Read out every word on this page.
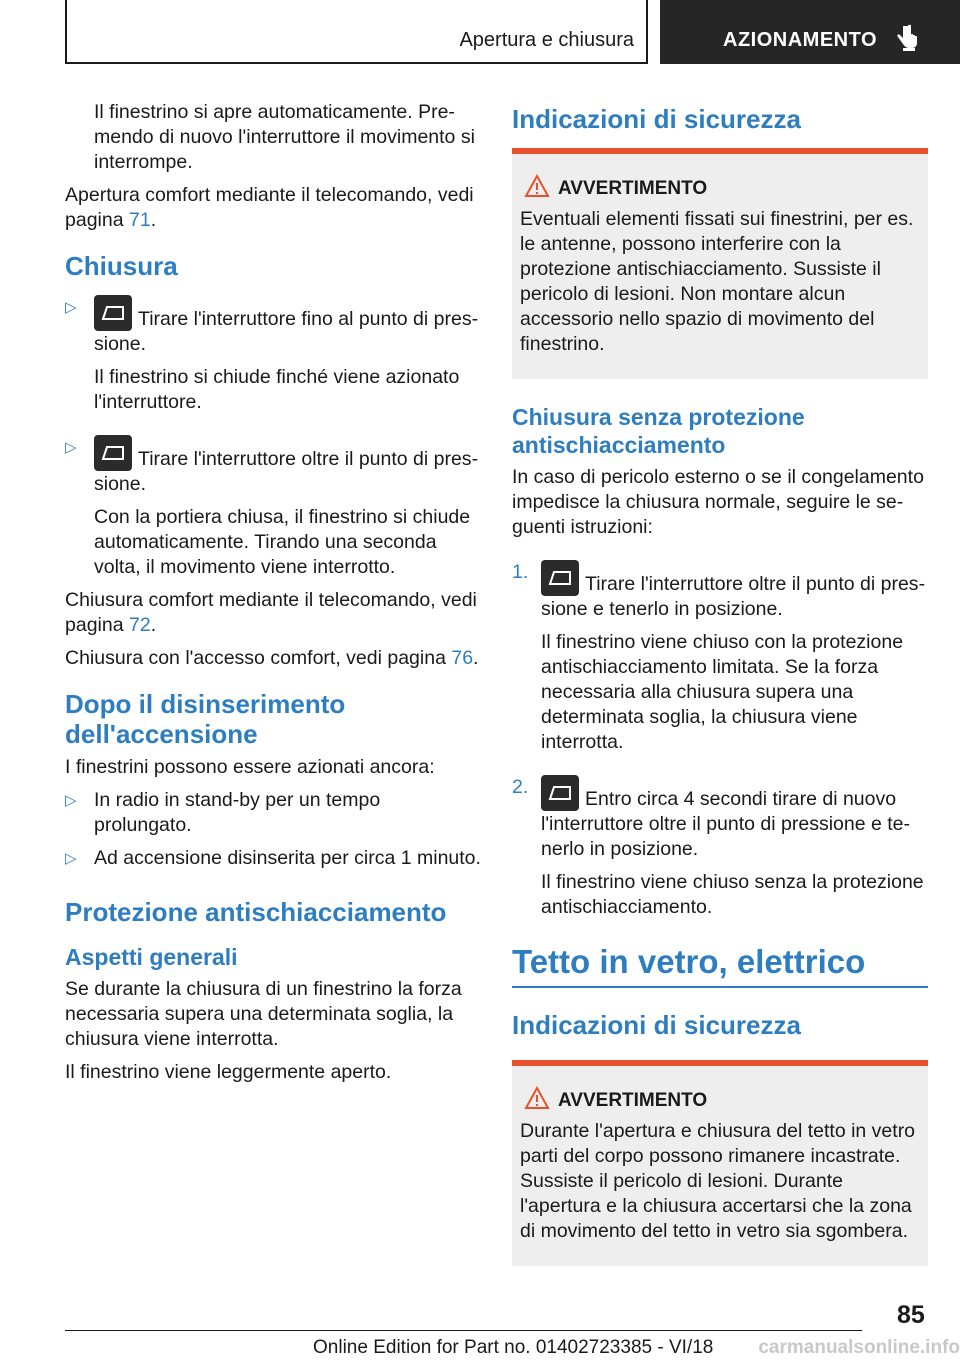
Apertura e chiusura	AZIONAMENTO

Il finestrino si apre automaticamente. Premendo di nuovo l'interruttore il movimento si interrompe.

Apertura comfort mediante il telecomando, vedi pagina 71.

Chiusura
▷
Tirare l'interruttore fino al punto di pressione.

Il finestrino si chiude finché viene azionato l'interruttore.

▷
Tirare l'interruttore oltre il punto di pressione.

Con la portiera chiusa, il finestrino si chiude automaticamente. Tirando una seconda volta, il movimento viene interrotto.

Chiusura comfort mediante il telecomando, vedi pagina 72.

Chiusura con l'accesso comfort, vedi pagina 76.

Dopo il disinserimento dell'accensione

I finestrini possono essere azionati ancora:

▷ In radio in stand-by per un tempo prolungato.
▷ Ad accensione disinserita per circa 1 minuto.
Protezione antischiacciamento
Aspetti generali

Se durante la chiusura di un finestrino la forza necessaria supera una determinata soglia, la chiusura viene interrotta.

Il finestrino viene leggermente aperto.

Indicazioni di sicurezza
AVVERTIMENTO
Eventuali elementi fissati sui finestrini, per es. le antenne, possono interferire con la protezione antischiacciamento. Sussiste il pericolo di lesioni. Non montare alcun accessorio nello spazio di movimento del finestrino.
Chiusura senza protezione antischiacciamento

In caso di pericolo esterno o se il congelamento impedisce la chiusura normale, seguire le seguenti istruzioni:

1.
Tirare l'interruttore oltre il punto di pressione e tenerlo in posizione.

Il finestrino viene chiuso con la protezione antischiacciamento limitata. Se la forza necessaria alla chiusura supera una determinata soglia, la chiusura viene interrotta.

2.
Entro circa 4 secondi tirare di nuovo l'interruttore oltre il punto di pressione e tenerlo in posizione.

Il finestrino viene chiuso senza la protezione antischiacciamento.

Tetto in vetro, elettrico
Indicazioni di sicurezza
AVVERTIMENTO
Durante l'apertura e chiusura del tetto in vetro parti del corpo possono rimanere incastrate. Sussiste il pericolo di lesioni. Durante l'apertura e la chiusura accertarsi che la zona di movimento del tetto in vetro sia sgombera.
85
Online Edition for Part no. 01402723385 - VI/18 carmanualsonline.info
